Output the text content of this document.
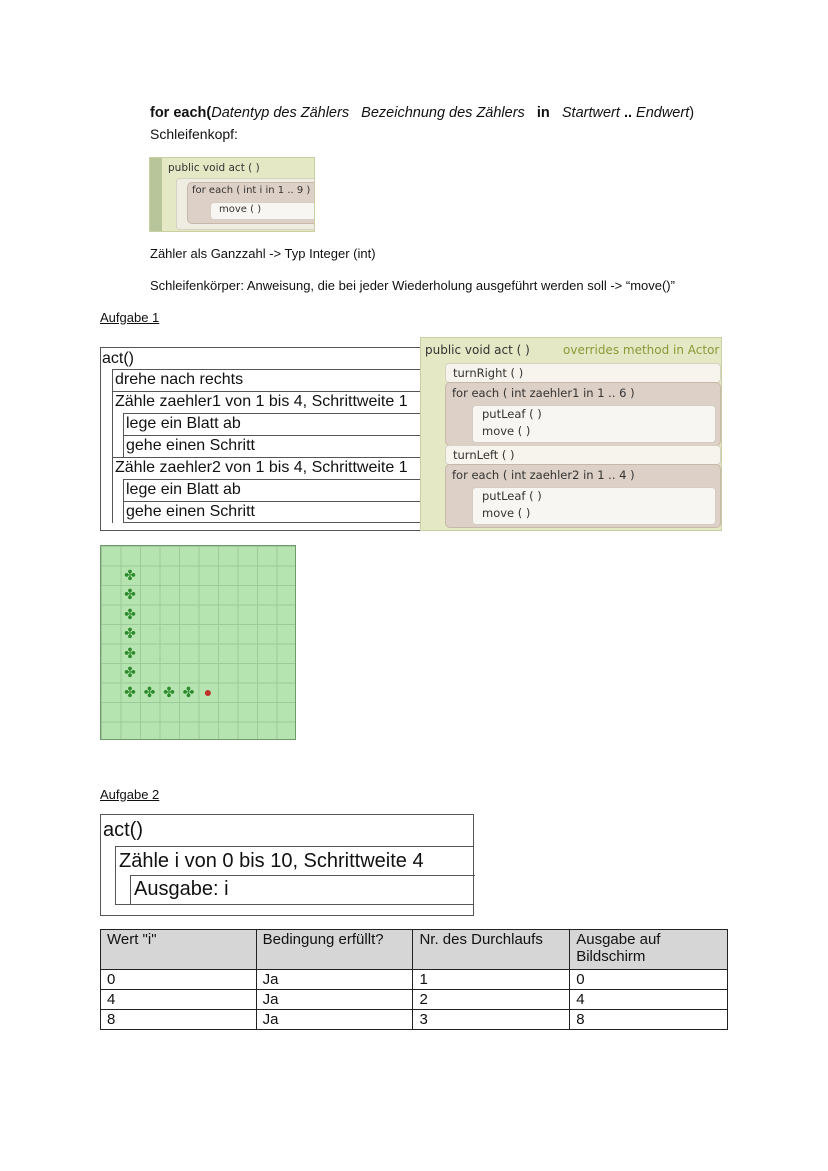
for each(Datentyp des Zählers Bezeichnung des Zählers in Startwert .. Endwert)
Schleifenkopf:
public void act ( )
for each ( int i in 1 .. 9 )
move ( )
Zähler als Ganzzahl -> Typ Integer (int)
Schleifenkörper: Anweisung, die bei jeder Wiederholung ausgeführt werden soll -> “move()”
Aufgabe 1
act()
drehe nach rechts
Zähle zaehler1 von 1 bis 4, Schrittweite 1
lege ein Blatt ab
gehe einen Schritt
Zähle zaehler2 von 1 bis 4, Schrittweite 1
lege ein Blatt ab
gehe einen Schritt
public void act ( )	overrides method in Actor
turnRight ( )
for each ( int zaehler1 in 1 .. 6 )
putLeaf ( )
move ( )
turnLeft ( )
for each ( int zaehler2 in 1 .. 4 )
putLeaf ( )
move ( )
✤
✤
✤
✤
✤
✤
✤ ✤ ✤ ✤ ●
Aufgabe 2
act()
Zähle i von 0 bis 10, Schrittweite 4
Ausgabe: i
Wert "i"	Bedingung erfüllt?	Nr. des Durchlaufs	Ausgabe auf Bildschirm
0	Ja	1	0
4	Ja	2	4
8	Ja	3	8
